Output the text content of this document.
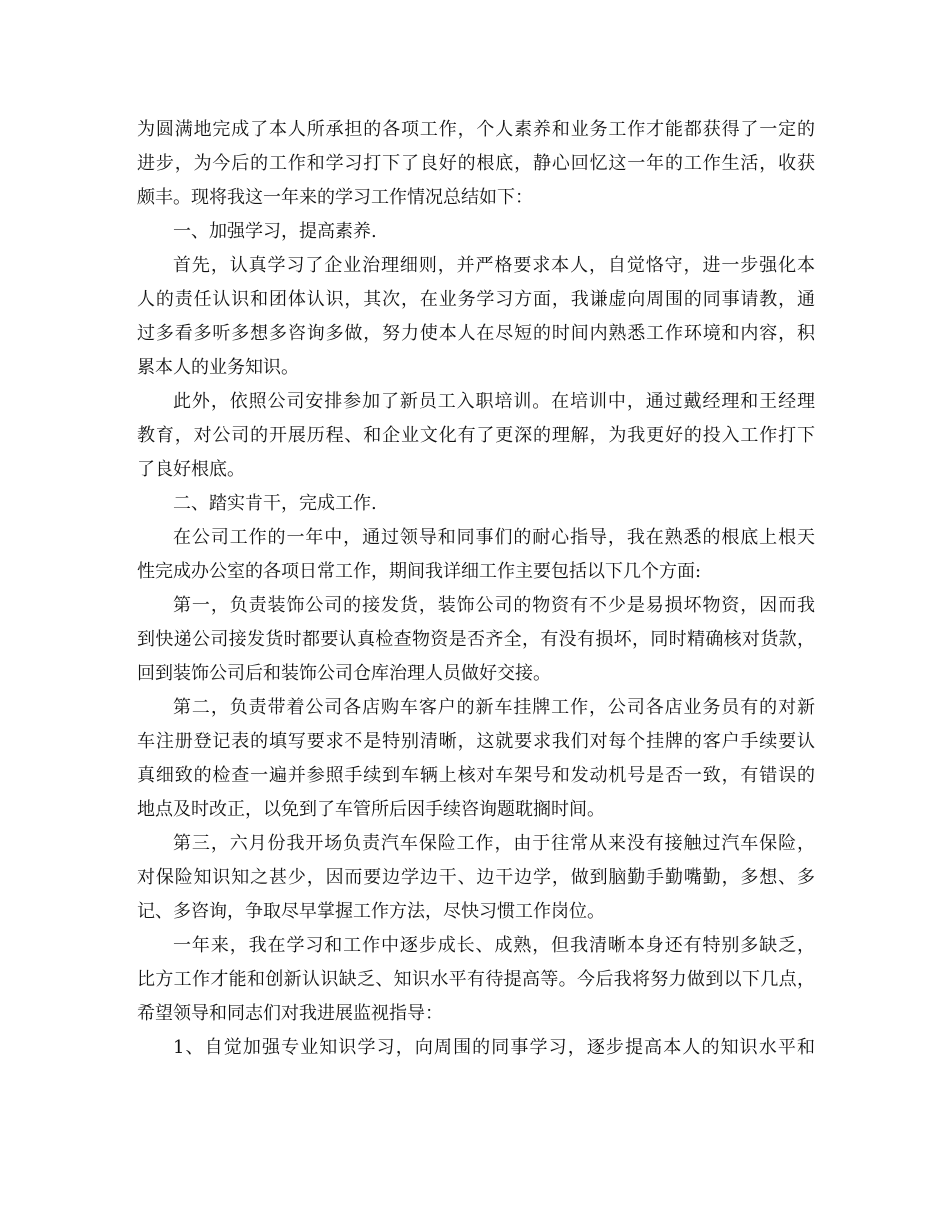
为圆满地完成了本人所承担的各项工作，个人素养和业务工作才能都获得了一定的
进步，为今后的工作和学习打下了良好的根底，静心回忆这一年的工作生活，收获
颇丰。现将我这一年来的学习工作情况总结如下：
一、加强学习，提高素养.
首先，认真学习了企业治理细则，并严格要求本人，自觉恪守，进一步强化本
人的责任认识和团体认识，其次，在业务学习方面，我谦虚向周围的同事请教，通
过多看多听多想多咨询多做，努力使本人在尽短的时间内熟悉工作环境和内容，积
累本人的业务知识。
此外，依照公司安排参加了新员工入职培训。在培训中，通过戴经理和王经理
教育，对公司的开展历程、和企业文化有了更深的理解，为我更好的投入工作打下
了良好根底。
二、踏实肯干，完成工作.
在公司工作的一年中，通过领导和同事们的耐心指导，我在熟悉的根底上根天
性完成办公室的各项日常工作，期间我详细工作主要包括以下几个方面:
第一，负责装饰公司的接发货，装饰公司的物资有不少是易损坏物资，因而我
到快递公司接发货时都要认真检查物资是否齐全，有没有损坏，同时精确核对货款，
回到装饰公司后和装饰公司仓库治理人员做好交接。
第二，负责带着公司各店购车客户的新车挂牌工作，公司各店业务员有的对新
车注册登记表的填写要求不是特别清晰，这就要求我们对每个挂牌的客户手续要认
真细致的检查一遍并参照手续到车辆上核对车架号和发动机号是否一致，有错误的
地点及时改正，以免到了车管所后因手续咨询题耽搁时间。
第三，六月份我开场负责汽车保险工作，由于往常从来没有接触过汽车保险，
对保险知识知之甚少，因而要边学边干、边干边学，做到脑勤手勤嘴勤，多想、多
记、多咨询，争取尽早掌握工作方法，尽快习惯工作岗位。
一年来，我在学习和工作中逐步成长、成熟，但我清晰本身还有特别多缺乏，
比方工作才能和创新认识缺乏、知识水平有待提高等。今后我将努力做到以下几点，
希望领导和同志们对我进展监视指导：
1、自觉加强专业知识学习，向周围的同事学习，逐步提高本人的知识水平和
